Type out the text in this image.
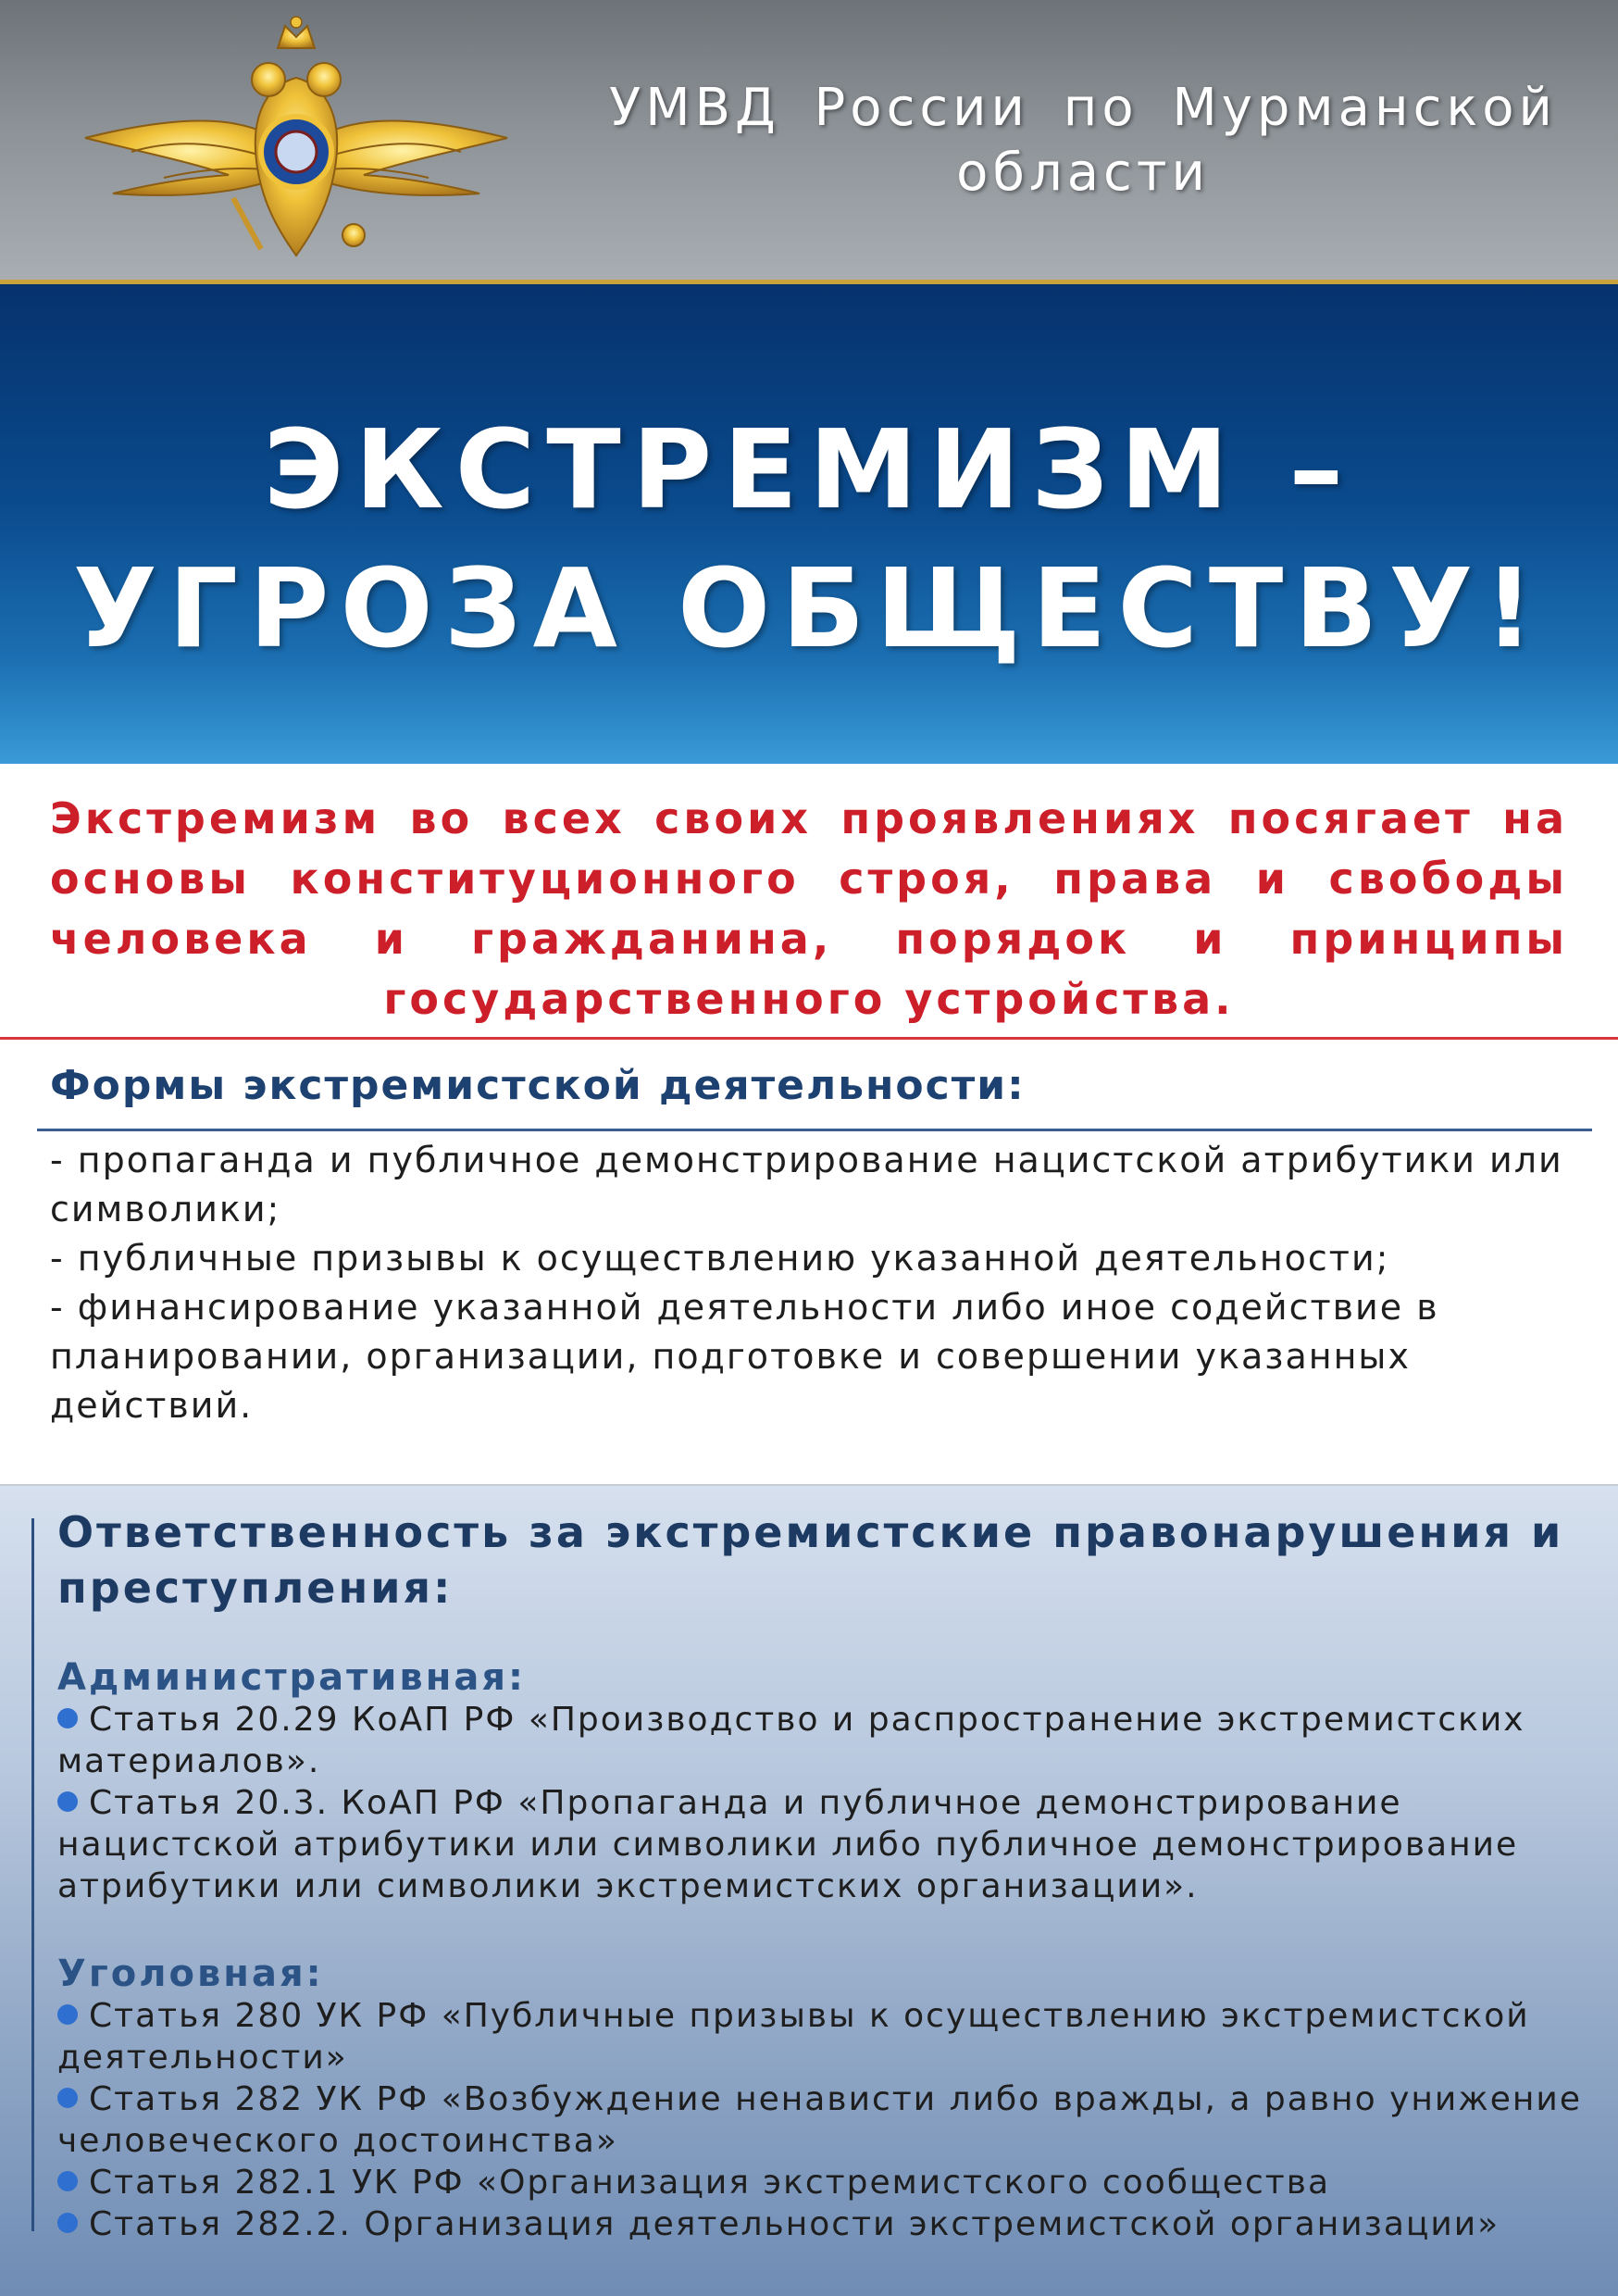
УМВД России по Мурманской области
ЭКСТРЕМИЗМ –
УГРОЗА ОБЩЕСТВУ!
Экстремизм во всех своих проявлениях посягает на основы конституционного строя, права и свободы человека и гражданина, порядок и принципы государственного устройства.
Формы экстремистской деятельности:
- пропаганда и публичное демонстрирование нацистской атрибутики или символики;
- публичные призывы к осуществлению указанной деятельности;
- финансирование указанной деятельности либо иное содействие в планировании, организации, подготовке и совершении указанных действий.
Ответственность за экстремистские правонарушения и преступления:
Административная:
Статья 20.29 КоАП РФ «Производство и распространение экстремистских материалов».
Статья 20.3. КоАП РФ «Пропаганда и публичное демонстрирование нацистской атрибутики или символики либо публичное демонстрирование атрибутики или символики экстремистских организации».
Уголовная:
Статья 280 УК РФ «Публичные призывы к осуществлению экстремистской деятельности»
Статья 282 УК РФ «Возбуждение ненависти либо вражды, а равно унижение человеческого достоинства»
Статья 282.1 УК РФ «Организация экстремистского сообщества
Статья 282.2. Организация деятельности экстремистской организации»
